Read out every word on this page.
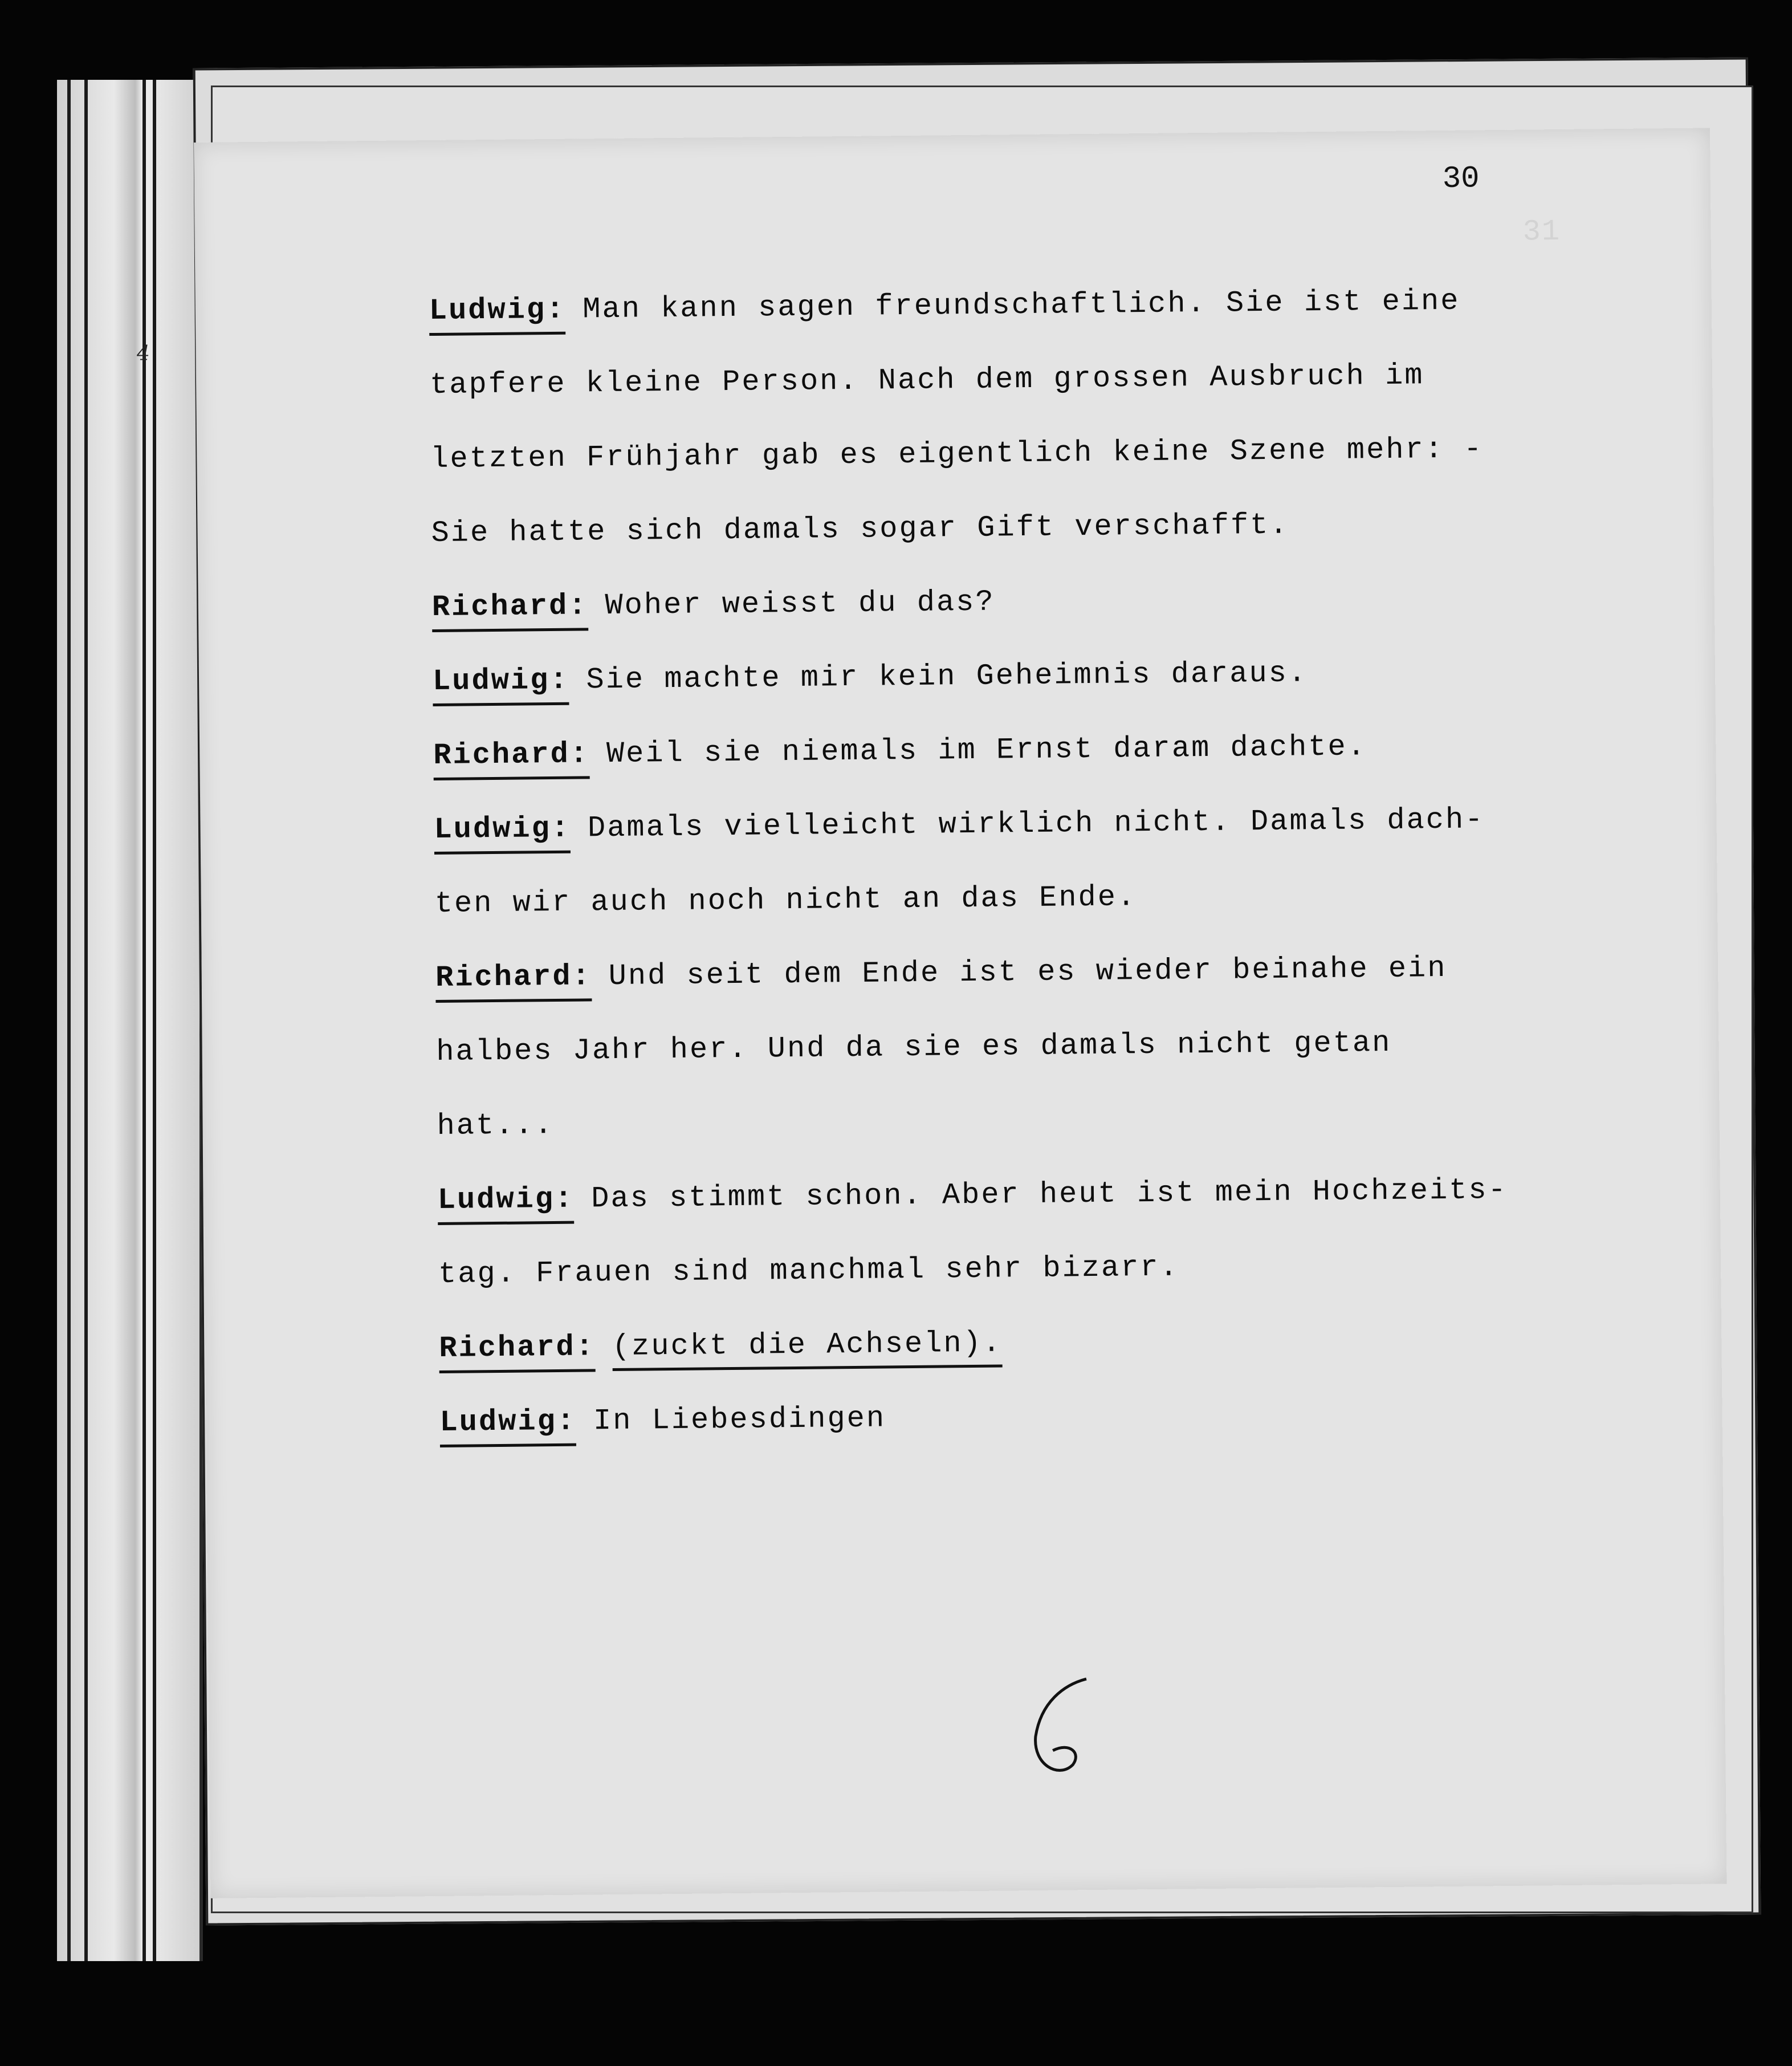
4
31
30
Ludwig: Man kann sagen freundschaftlich. Sie ist eine
tapfere kleine Person. Nach dem grossen Ausbruch im
letzten Frühjahr gab es eigentlich keine Szene mehr: -
Sie hatte sich damals sogar Gift verschafft.
Richard: Woher weisst du das?
Ludwig: Sie machte mir kein Geheimnis daraus.
Richard: Weil sie niemals im Ernst daram dachte.
Ludwig: Damals vielleicht wirklich nicht. Damals dach-
ten wir auch noch nicht an das Ende.
Richard: Und seit dem Ende ist es wieder beinahe ein
halbes Jahr her. Und da sie es damals nicht getan
hat...
Ludwig: Das stimmt schon. Aber heut ist mein Hochzeits-
tag. Frauen sind manchmal sehr bizarr.
Richard: (zuckt die Achseln).
Ludwig: In Liebesdingen
